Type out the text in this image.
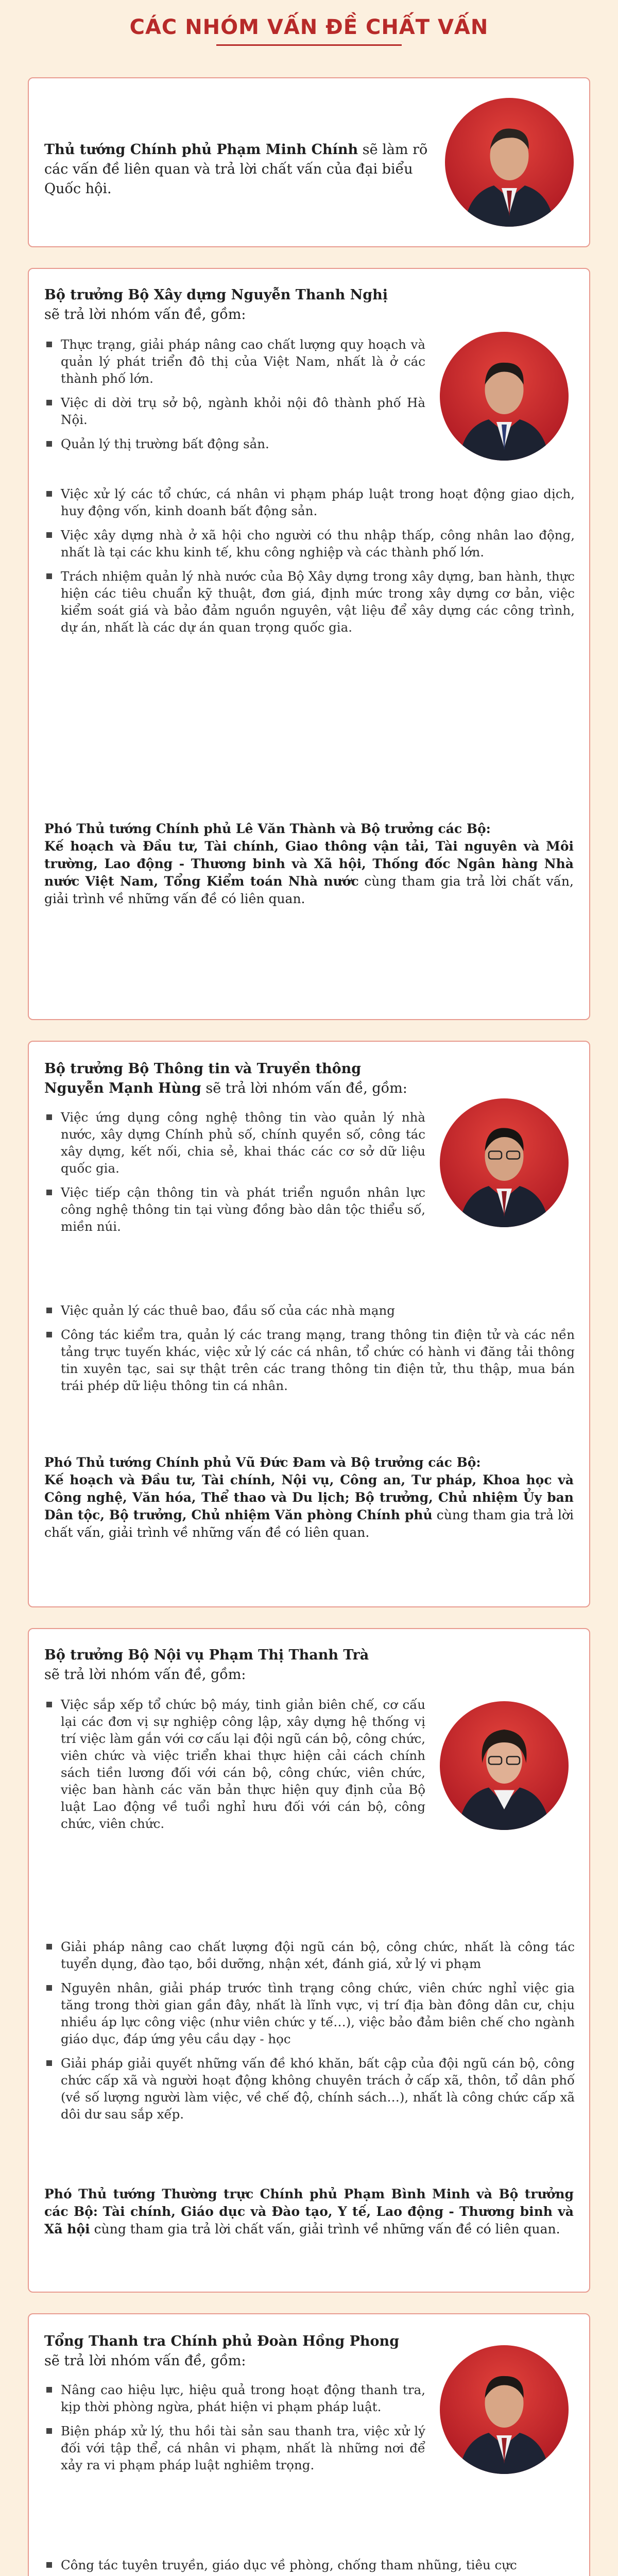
CÁC NHÓM VẤN ĐỀ CHẤT VẤN
Thủ tướng Chính phủ Phạm Minh Chính sẽ làm rõ các vấn đề liên quan và trả lời chất vấn của đại biểu Quốc hội.
Bộ trưởng Bộ Xây dựng Nguyễn Thanh Nghị
sẽ trả lời nhóm vấn đề, gồm:
Thực trạng, giải pháp nâng cao chất lượng quy hoạch và quản lý phát triển đô thị của Việt Nam, nhất là ở các thành phố lớn.
Việc di dời trụ sở bộ, ngành khỏi nội đô thành phố Hà Nội.
Quản lý thị trường bất động sản.
Việc xử lý các tổ chức, cá nhân vi phạm pháp luật trong hoạt động giao dịch, huy động vốn, kinh doanh bất động sản.
Việc xây dựng nhà ở xã hội cho người có thu nhập thấp, công nhân lao động, nhất là tại các khu kinh tế, khu công nghiệp và các thành phố lớn.
Trách nhiệm quản lý nhà nước của Bộ Xây dựng trong xây dựng, ban hành, thực hiện các tiêu chuẩn kỹ thuật, đơn giá, định mức trong xây dựng cơ bản, việc kiểm soát giá và bảo đảm nguồn nguyên, vật liệu để xây dựng các công trình, dự án, nhất là các dự án quan trọng quốc gia.
Phó Thủ tướng Chính phủ Lê Văn Thành và Bộ trưởng các Bộ:
Kế hoạch và Đầu tư, Tài chính, Giao thông vận tải, Tài nguyên và Môi trường, Lao động - Thương binh và Xã hội, Thống đốc Ngân hàng Nhà nước Việt Nam, Tổng Kiểm toán Nhà nước cùng tham gia trả lời chất vấn, giải trình về những vấn đề có liên quan.
Bộ trưởng Bộ Thông tin và Truyền thông Nguyễn Mạnh Hùng sẽ trả lời nhóm vấn đề, gồm:
Việc ứng dụng công nghệ thông tin vào quản lý nhà nước, xây dựng Chính phủ số, chính quyền số, công tác xây dựng, kết nối, chia sẻ, khai thác các cơ sở dữ liệu quốc gia.
Việc tiếp cận thông tin và phát triển nguồn nhân lực công nghệ thông tin tại vùng đồng bào dân tộc thiểu số, miền núi.
Việc quản lý các thuê bao, đầu số của các nhà mạng
Công tác kiểm tra, quản lý các trang mạng, trang thông tin điện tử và các nền tảng trực tuyến khác, việc xử lý các cá nhân, tổ chức có hành vi đăng tải thông tin xuyên tạc, sai sự thật trên các trang thông tin điện tử, thu thập, mua bán trái phép dữ liệu thông tin cá nhân.
Phó Thủ tướng Chính phủ Vũ Đức Đam và Bộ trưởng các Bộ:
Kế hoạch và Đầu tư, Tài chính, Nội vụ, Công an, Tư pháp, Khoa học và Công nghệ, Văn hóa, Thể thao và Du lịch; Bộ trưởng, Chủ nhiệm Ủy ban Dân tộc, Bộ trưởng, Chủ nhiệm Văn phòng Chính phủ cùng tham gia trả lời chất vấn, giải trình về những vấn đề có liên quan.
Bộ trưởng Bộ Nội vụ Phạm Thị Thanh Trà
sẽ trả lời nhóm vấn đề, gồm:
Việc sắp xếp tổ chức bộ máy, tinh giản biên chế, cơ cấu lại các đơn vị sự nghiệp công lập, xây dựng hệ thống vị trí việc làm gắn với cơ cấu lại đội ngũ cán bộ, công chức, viên chức và việc triển khai thực hiện cải cách chính sách tiền lương đối với cán bộ, công chức, viên chức, việc ban hành các văn bản thực hiện quy định của Bộ luật Lao động về tuổi nghỉ hưu đối với cán bộ, công chức, viên chức.
Giải pháp nâng cao chất lượng đội ngũ cán bộ, công chức, nhất là công tác tuyển dụng, đào tạo, bồi dưỡng, nhận xét, đánh giá, xử lý vi phạm
Nguyên nhân, giải pháp trước tình trạng công chức, viên chức nghỉ việc gia tăng trong thời gian gần đây, nhất là lĩnh vực, vị trí địa bàn đông dân cư, chịu nhiều áp lực công việc (như viên chức y tế…), việc bảo đảm biên chế cho ngành giáo dục, đáp ứng yêu cầu dạy - học
Giải pháp giải quyết những vấn đề khó khăn, bất cập của đội ngũ cán bộ, công chức cấp xã và người hoạt động không chuyên trách ở cấp xã, thôn, tổ dân phố (về số lượng người làm việc, về chế độ, chính sách…), nhất là công chức cấp xã dôi dư sau sắp xếp.
Phó Thủ tướng Thường trực Chính phủ Phạm Bình Minh và Bộ trưởng các Bộ: Tài chính, Giáo dục và Đào tạo, Y tế, Lao động - Thương binh và Xã hội cùng tham gia trả lời chất vấn, giải trình về những vấn đề có liên quan.
Tổng Thanh tra Chính phủ Đoàn Hồng Phong
sẽ trả lời nhóm vấn đề, gồm:
Nâng cao hiệu lực, hiệu quả trong hoạt động thanh tra, kịp thời phòng ngừa, phát hiện vi phạm pháp luật.
Biện pháp xử lý, thu hồi tài sản sau thanh tra, việc xử lý đối với tập thể, cá nhân vi phạm, nhất là những nơi để xảy ra vi phạm pháp luật nghiêm trọng.
Công tác tuyên truyền, giáo dục về phòng, chống tham nhũng, tiêu cực
